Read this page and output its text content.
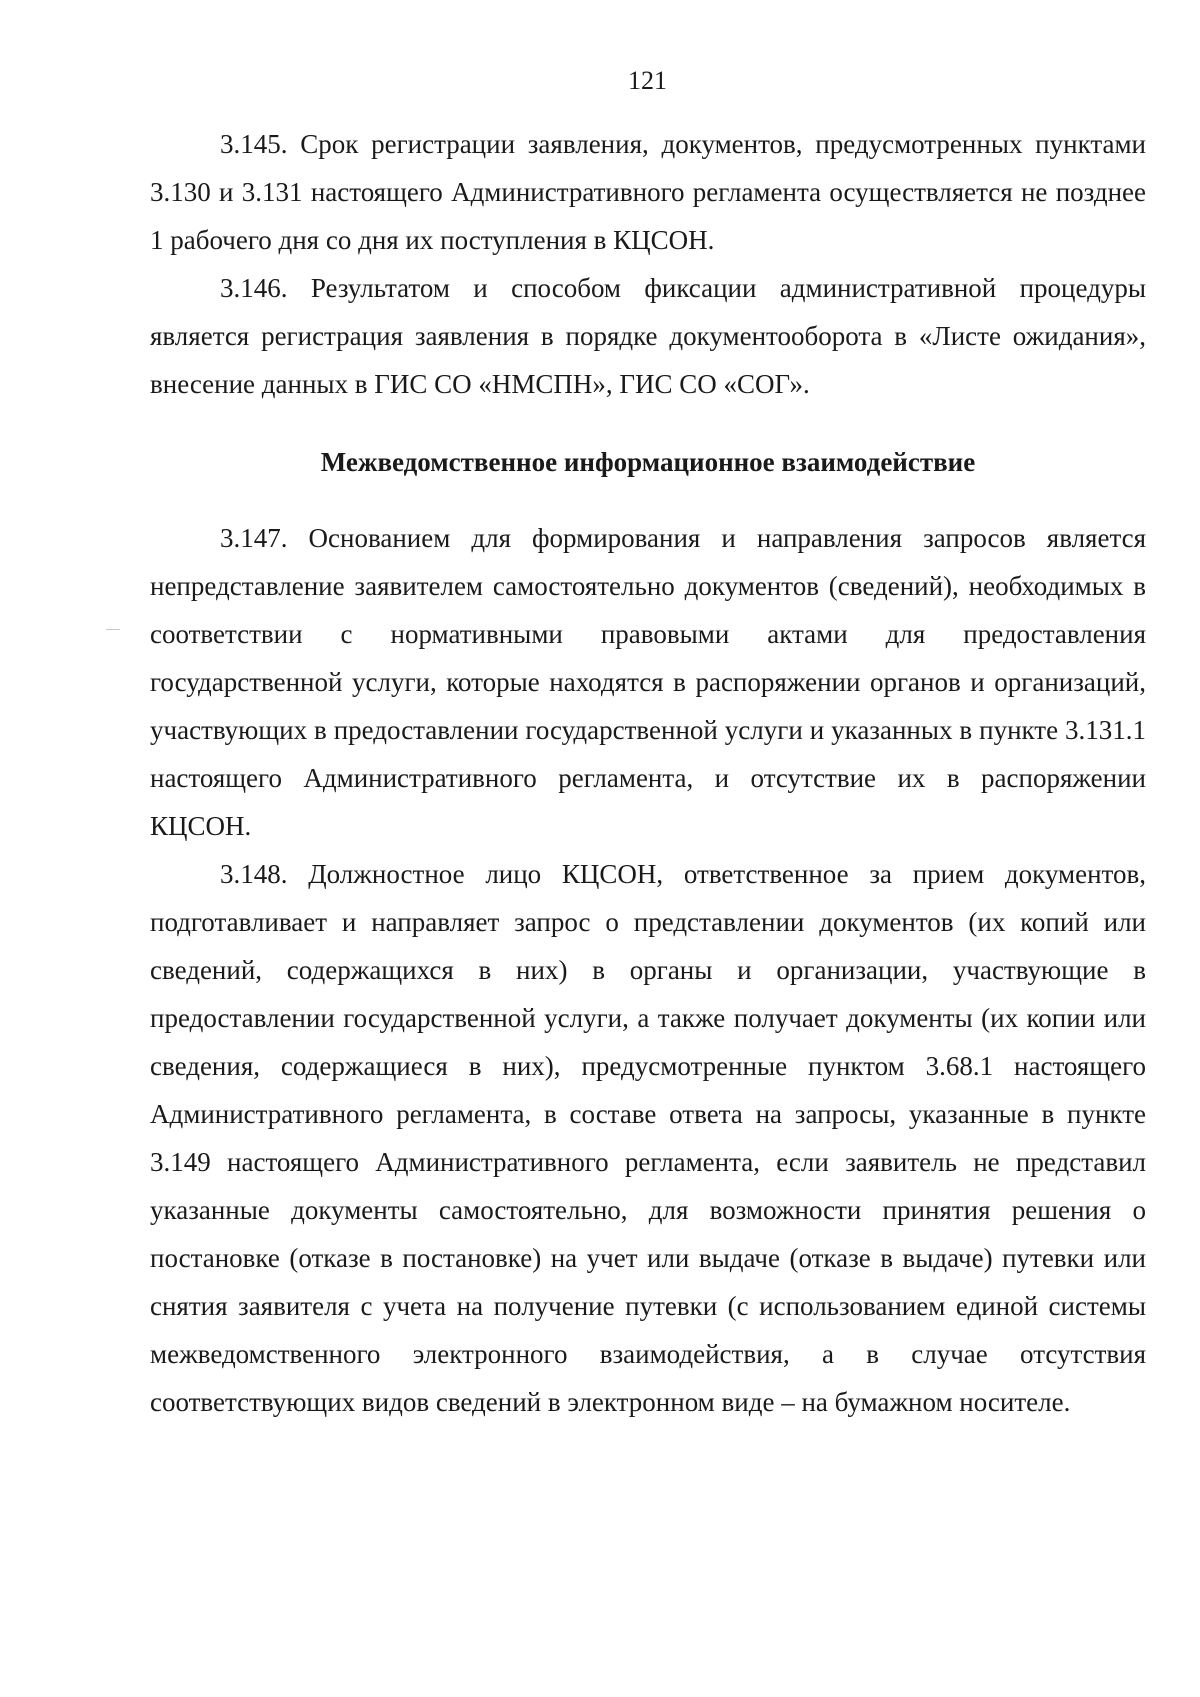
121

3.145. Срок регистрации заявления, документов, предусмотренных пунктами 3.130 и 3.131 настоящего Административного регламента осуществляется не позднее 1 рабочего дня со дня их поступления в КЦСОН.

3.146. Результатом и способом фиксации административной процедуры является регистрация заявления в порядке документооборота в «Листе ожидания», внесение данных в ГИС СО «НМСПН», ГИС СО «СОГ».

Межведомственное информационное взаимодействие

3.147. Основанием для формирования и направления запросов является непредставление заявителем самостоятельно документов (сведений), необходимых в соответствии с нормативными правовыми актами для предоставления государственной услуги, которые находятся в распоряжении органов и организаций, участвующих в предоставлении государственной услуги и указанных в пункте 3.131.1 настоящего Административного регламента, и отсутствие их в распоряжении КЦСОН.

3.148. Должностное лицо КЦСОН, ответственное за прием документов, подготавливает и направляет запрос о представлении документов (их копий или сведений, содержащихся в них) в органы и организации, участвующие в предоставлении государственной услуги, а также получает документы (их копии или сведения, содержащиеся в них), предусмотренные пунктом 3.68.1 настоящего Административного регламента, в составе ответа на запросы, указанные в пункте 3.149 настоящего Административного регламента, если заявитель не представил указанные документы самостоятельно, для возможности принятия решения о постановке (отказе в постановке) на учет или выдаче (отказе в выдаче) путевки или снятия заявителя с учета на получение путевки (с использованием единой системы межведомственного электронного взаимодействия, а в случае отсутствия соответствующих видов сведений в электронном виде – на бумажном носителе.
